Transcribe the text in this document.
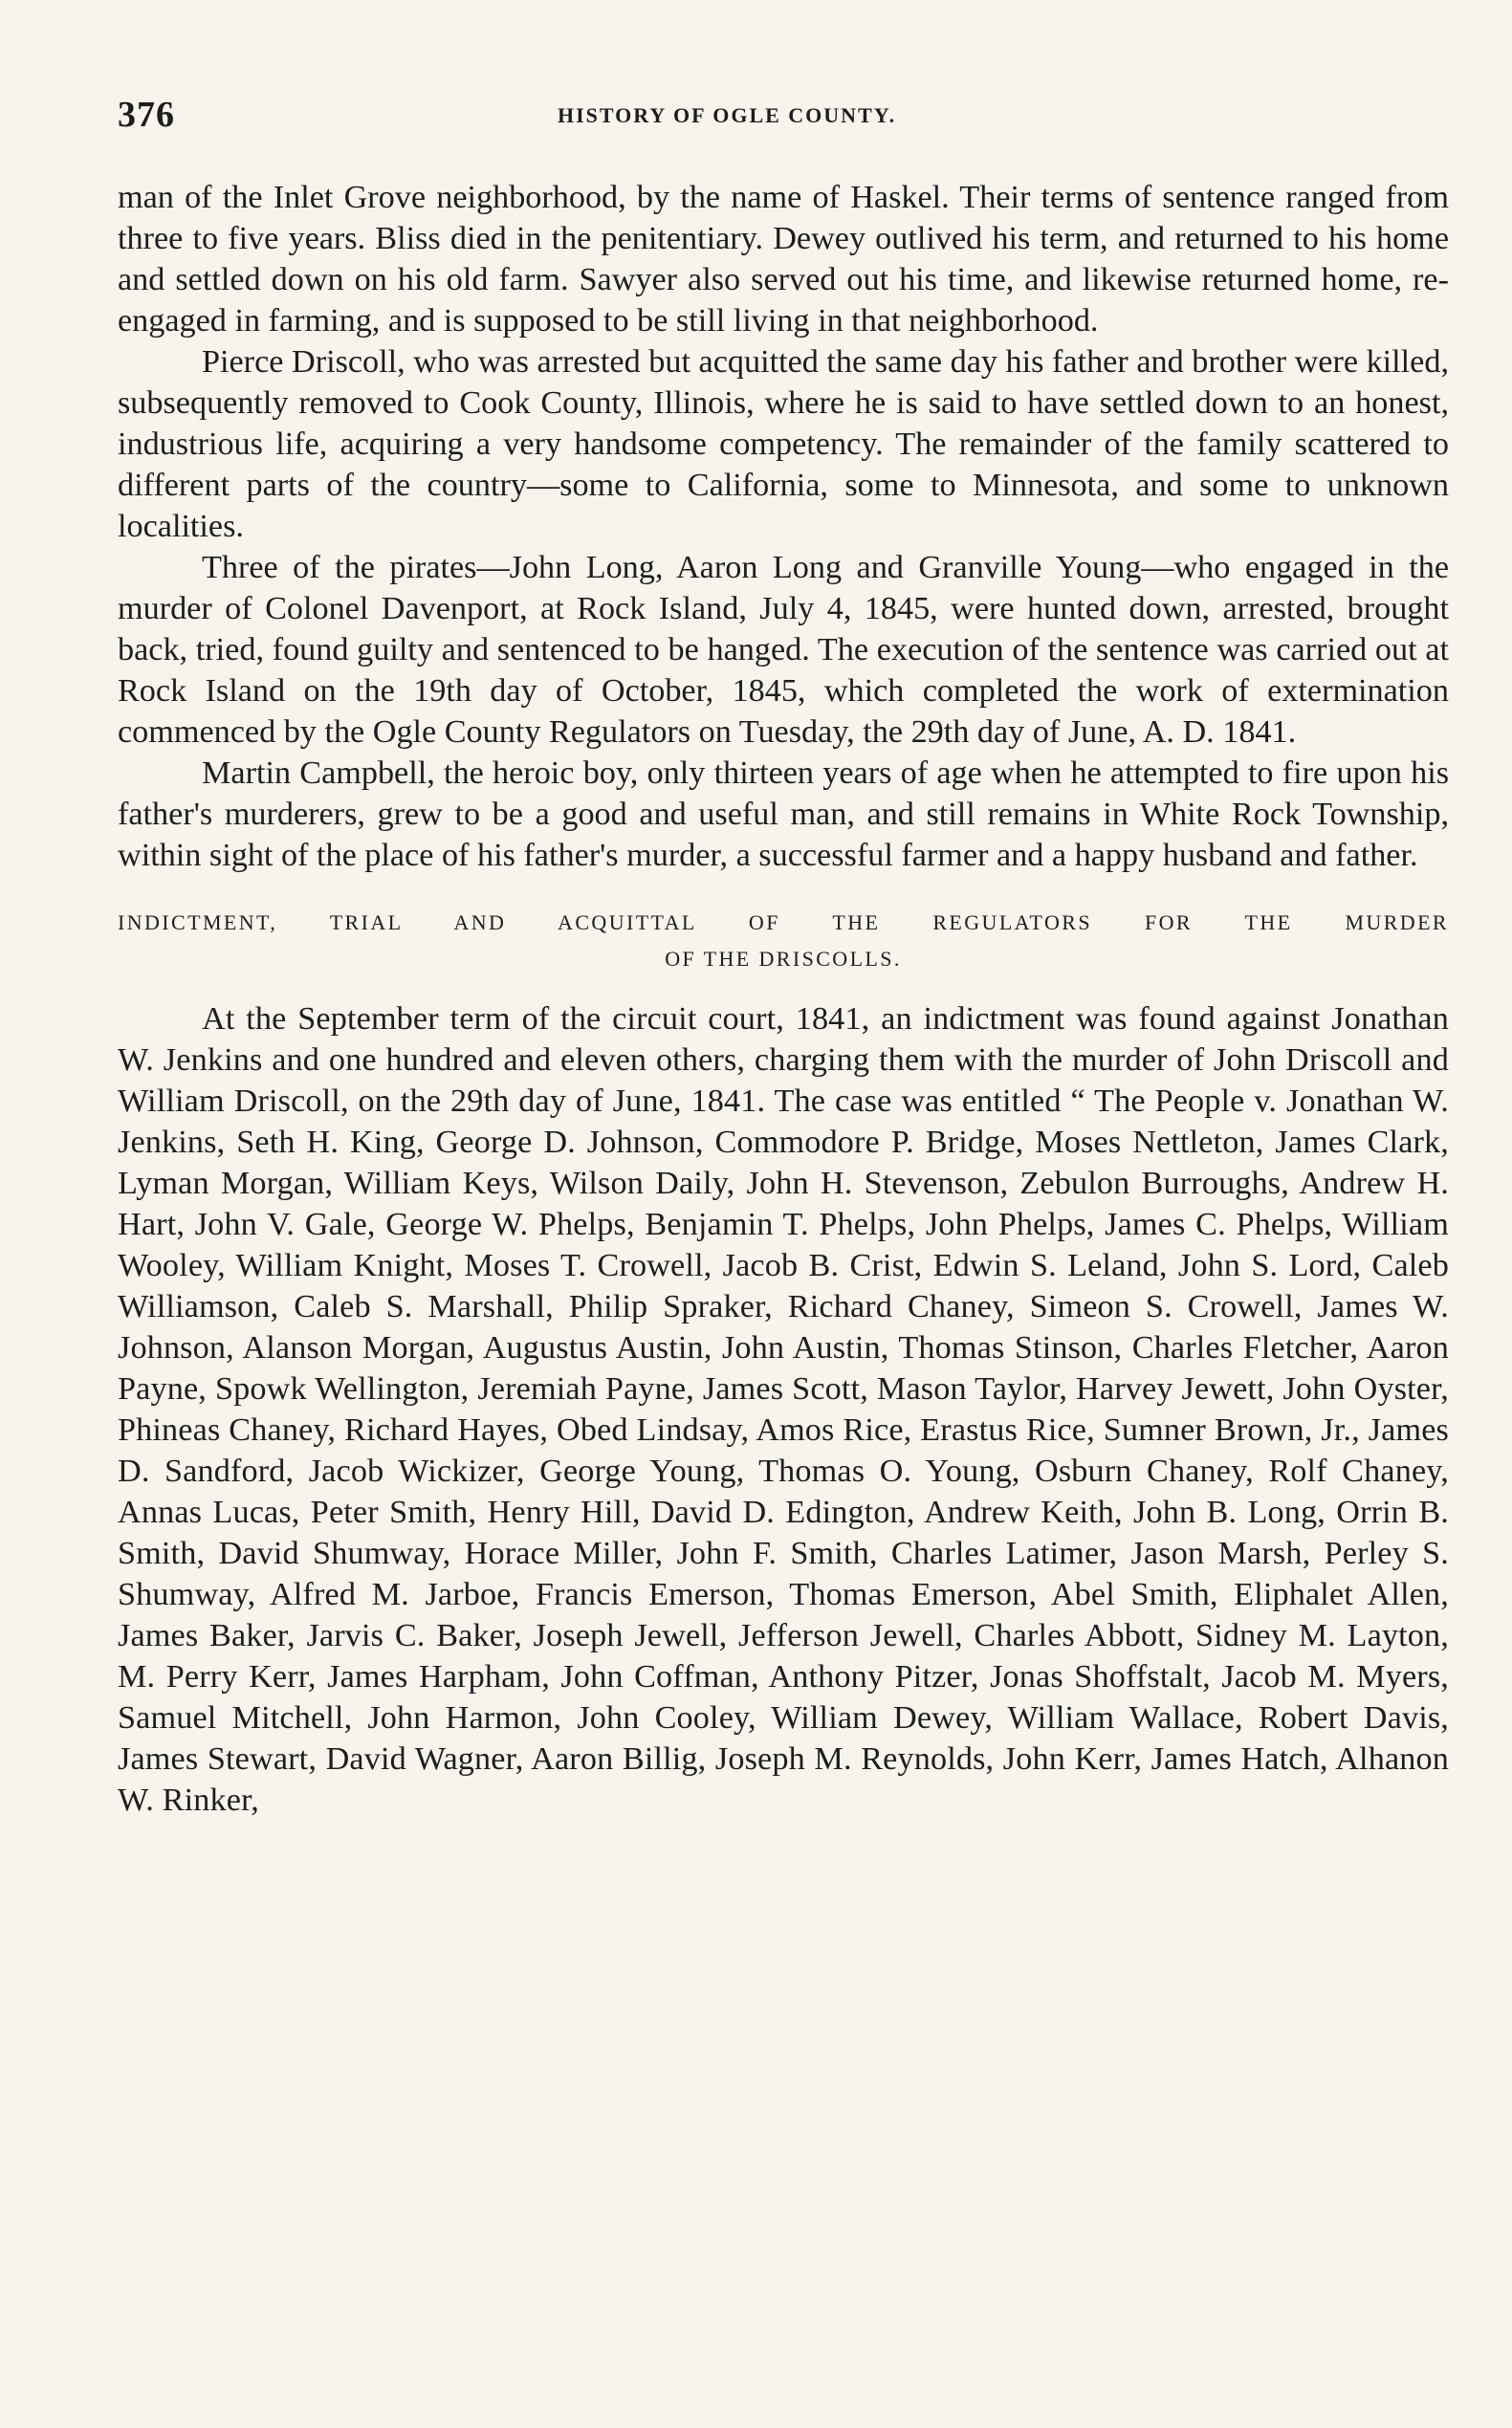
376	HISTORY OF OGLE COUNTY.

man of the Inlet Grove neighborhood, by the name of Haskel. Their terms of sentence ranged from three to five years. Bliss died in the penitentiary. Dewey outlived his term, and returned to his home and settled down on his old farm. Sawyer also served out his time, and likewise returned home, re-engaged in farming, and is supposed to be still living in that neighborhood.

Pierce Driscoll, who was arrested but acquitted the same day his father and brother were killed, subsequently removed to Cook County, Illinois, where he is said to have settled down to an honest, industrious life, acquiring a very handsome competency. The remainder of the family scattered to different parts of the country—some to California, some to Minnesota, and some to unknown localities.

Three of the pirates—John Long, Aaron Long and Granville Young—who engaged in the murder of Colonel Davenport, at Rock Island, July 4, 1845, were hunted down, arrested, brought back, tried, found guilty and sentenced to be hanged. The execution of the sentence was carried out at Rock Island on the 19th day of October, 1845, which completed the work of extermination commenced by the Ogle County Regulators on Tuesday, the 29th day of June, A. D. 1841.

Martin Campbell, the heroic boy, only thirteen years of age when he attempted to fire upon his father's murderers, grew to be a good and useful man, and still remains in White Rock Township, within sight of the place of his father's murder, a successful farmer and a happy husband and father.

INDICTMENT, TRIAL AND ACQUITTAL OF THE REGULATORS FOR THE MURDER
OF THE DRISCOLLS.

At the September term of the circuit court, 1841, an indictment was found against Jonathan W. Jenkins and one hundred and eleven others, charging them with the murder of John Driscoll and William Driscoll, on the 29th day of June, 1841. The case was entitled “ The People v. Jonathan W. Jenkins, Seth H. King, George D. Johnson, Commodore P. Bridge, Moses Nettleton, James Clark, Lyman Morgan, William Keys, Wilson Daily, John H. Stevenson, Zebulon Burroughs, Andrew H. Hart, John V. Gale, George W. Phelps, Benjamin T. Phelps, John Phelps, James C. Phelps, William Wooley, William Knight, Moses T. Crowell, Jacob B. Crist, Edwin S. Leland, John S. Lord, Caleb Williamson, Caleb S. Marshall, Philip Spraker, Richard Chaney, Simeon S. Crowell, James W. Johnson, Alanson Morgan, Augustus Austin, John Austin, Thomas Stinson, Charles Fletcher, Aaron Payne, Spowk Wellington, Jeremiah Payne, James Scott, Mason Taylor, Harvey Jewett, John Oyster, Phineas Chaney, Richard Hayes, Obed Lindsay, Amos Rice, Erastus Rice, Sumner Brown, Jr., James D. Sandford, Jacob Wickizer, George Young, Thomas O. Young, Osburn Chaney, Rolf Chaney, Annas Lucas, Peter Smith, Henry Hill, David D. Edington, Andrew Keith, John B. Long, Orrin B. Smith, David Shumway, Horace Miller, John F. Smith, Charles Latimer, Jason Marsh, Perley S. Shumway, Alfred M. Jarboe, Francis Emerson, Thomas Emerson, Abel Smith, Eliphalet Allen, James Baker, Jarvis C. Baker, Joseph Jewell, Jefferson Jewell, Charles Abbott, Sidney M. Layton, M. Perry Kerr, James Harpham, John Coffman, Anthony Pitzer, Jonas Shoffstalt, Jacob M. Myers, Samuel Mitchell, John Harmon, John Cooley, William Dewey, William Wallace, Robert Davis, James Stewart, David Wagner, Aaron Billig, Joseph M. Reynolds, John Kerr, James Hatch, Alhanon W. Rinker,
